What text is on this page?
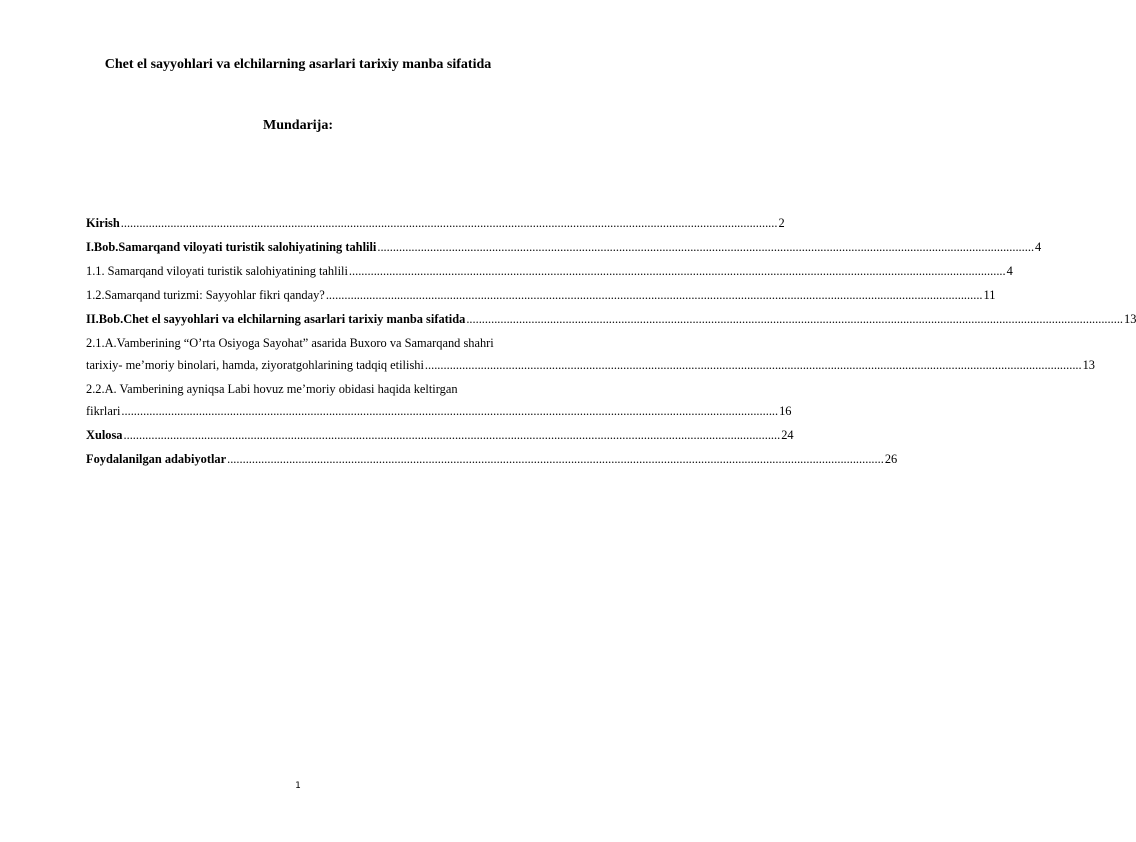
Chet el sayyohlari va elchilarning asarlari tarixiy manba sifatida
Mundarija:
Kirish .....	2
I.Bob.Samarqand viloyati turistik salohiyatining tahlili .....	4
1.1. Samarqand viloyati turistik salohiyatining tahlili .....	4
1.2.Samarqand turizmi: Sayyohlar fikri qanday? .....	11
II.Bob.Chet el sayyohlari va elchilarning asarlari tarixiy manba sifatida .....	13
2.1.A.Vamberining “O’rta Osiyoga Sayohat” asarida Buxoro va Samarqand shahri
tarixiy- me’moriy binolari, hamda, ziyoratgohlarining tadqiq etilishi .....	13
2.2.A. Vamberining ayniqsa Labi hovuz me’moriy obidasi haqida keltirgan
fikrlari .....	16
Xulosa .....	24
Foydalanilgan adabiyotlar .....	26
1
